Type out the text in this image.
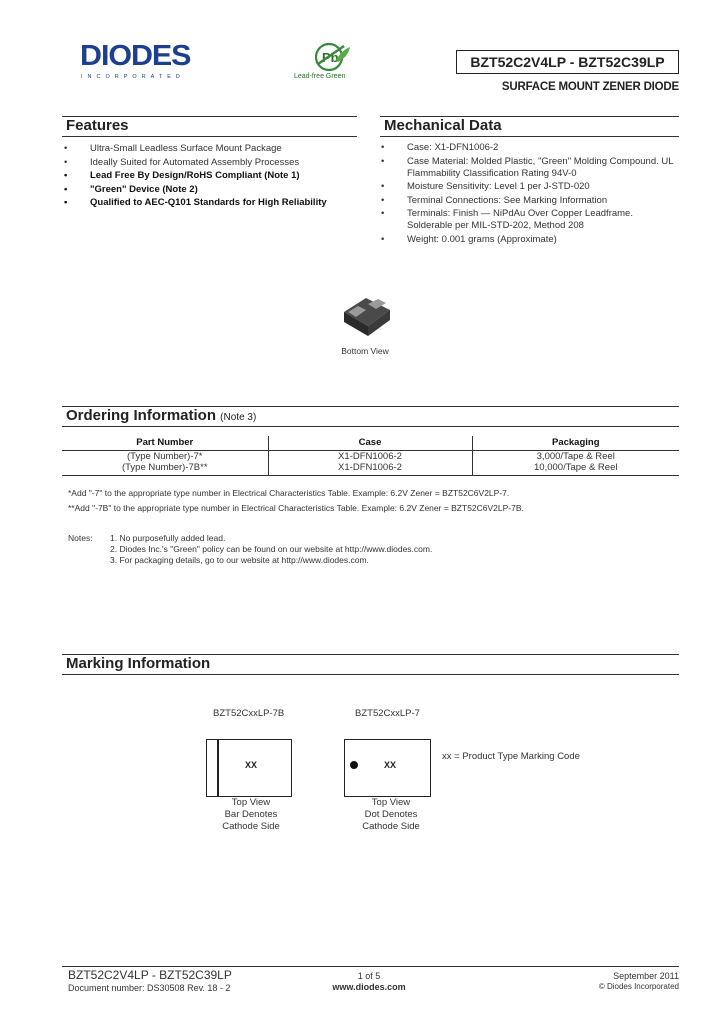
DIODES
INCORPORATED
Pb
Lead-free Green
BZT52C2V4LP - BZT52C39LP
SURFACE MOUNT ZENER DIODE
Features
• Ultra-Small Leadless Surface Mount Package
• Ideally Suited for Automated Assembly Processes
• Lead Free By Design/RoHS Compliant (Note 1)
• "Green" Device (Note 2)
• Qualified to AEC-Q101 Standards for High Reliability
Mechanical Data
• Case: X1-DFN1006-2
• Case Material: Molded Plastic, "Green" Molding Compound. UL Flammability Classification Rating 94V-0
• Moisture Sensitivity: Level 1 per J-STD-020
• Terminal Connections: See Marking Information
• Terminals: Finish — NiPdAu Over Copper Leadframe. Solderable per MIL-STD-202, Method 208
• Weight: 0.001 grams (Approximate)
Bottom View
Ordering Information (Note 3)
Part Number	Case	Packaging
(Type Number)-7*	X1-DFN1006-2	3,000/Tape & Reel
(Type Number)-7B**	X1-DFN1006-2	10,000/Tape & Reel
*Add "-7" to the appropriate type number in Electrical Characteristics Table. Example: 6.2V Zener = BZT52C6V2LP-7.
**Add "-7B" to the appropriate type number in Electrical Characteristics Table. Example: 6.2V Zener = BZT52C6V2LP-7B.
Notes: 1. No purposefully added lead.
2. Diodes Inc.'s "Green" policy can be found on our website at http://www.diodes.com.
3. For packaging details, go to our website at http://www.diodes.com.
Marking Information
BZT52CxxLP-7B	BZT52CxxLP-7
XX	XX
xx = Product Type Marking Code
Top View
Bar Denotes
Cathode Side
Top View
Dot Denotes
Cathode Side
BZT52C2V4LP - BZT52C39LP
Document number: DS30508 Rev. 18 - 2
1 of 5
www.diodes.com
September 2011
© Diodes Incorporated
